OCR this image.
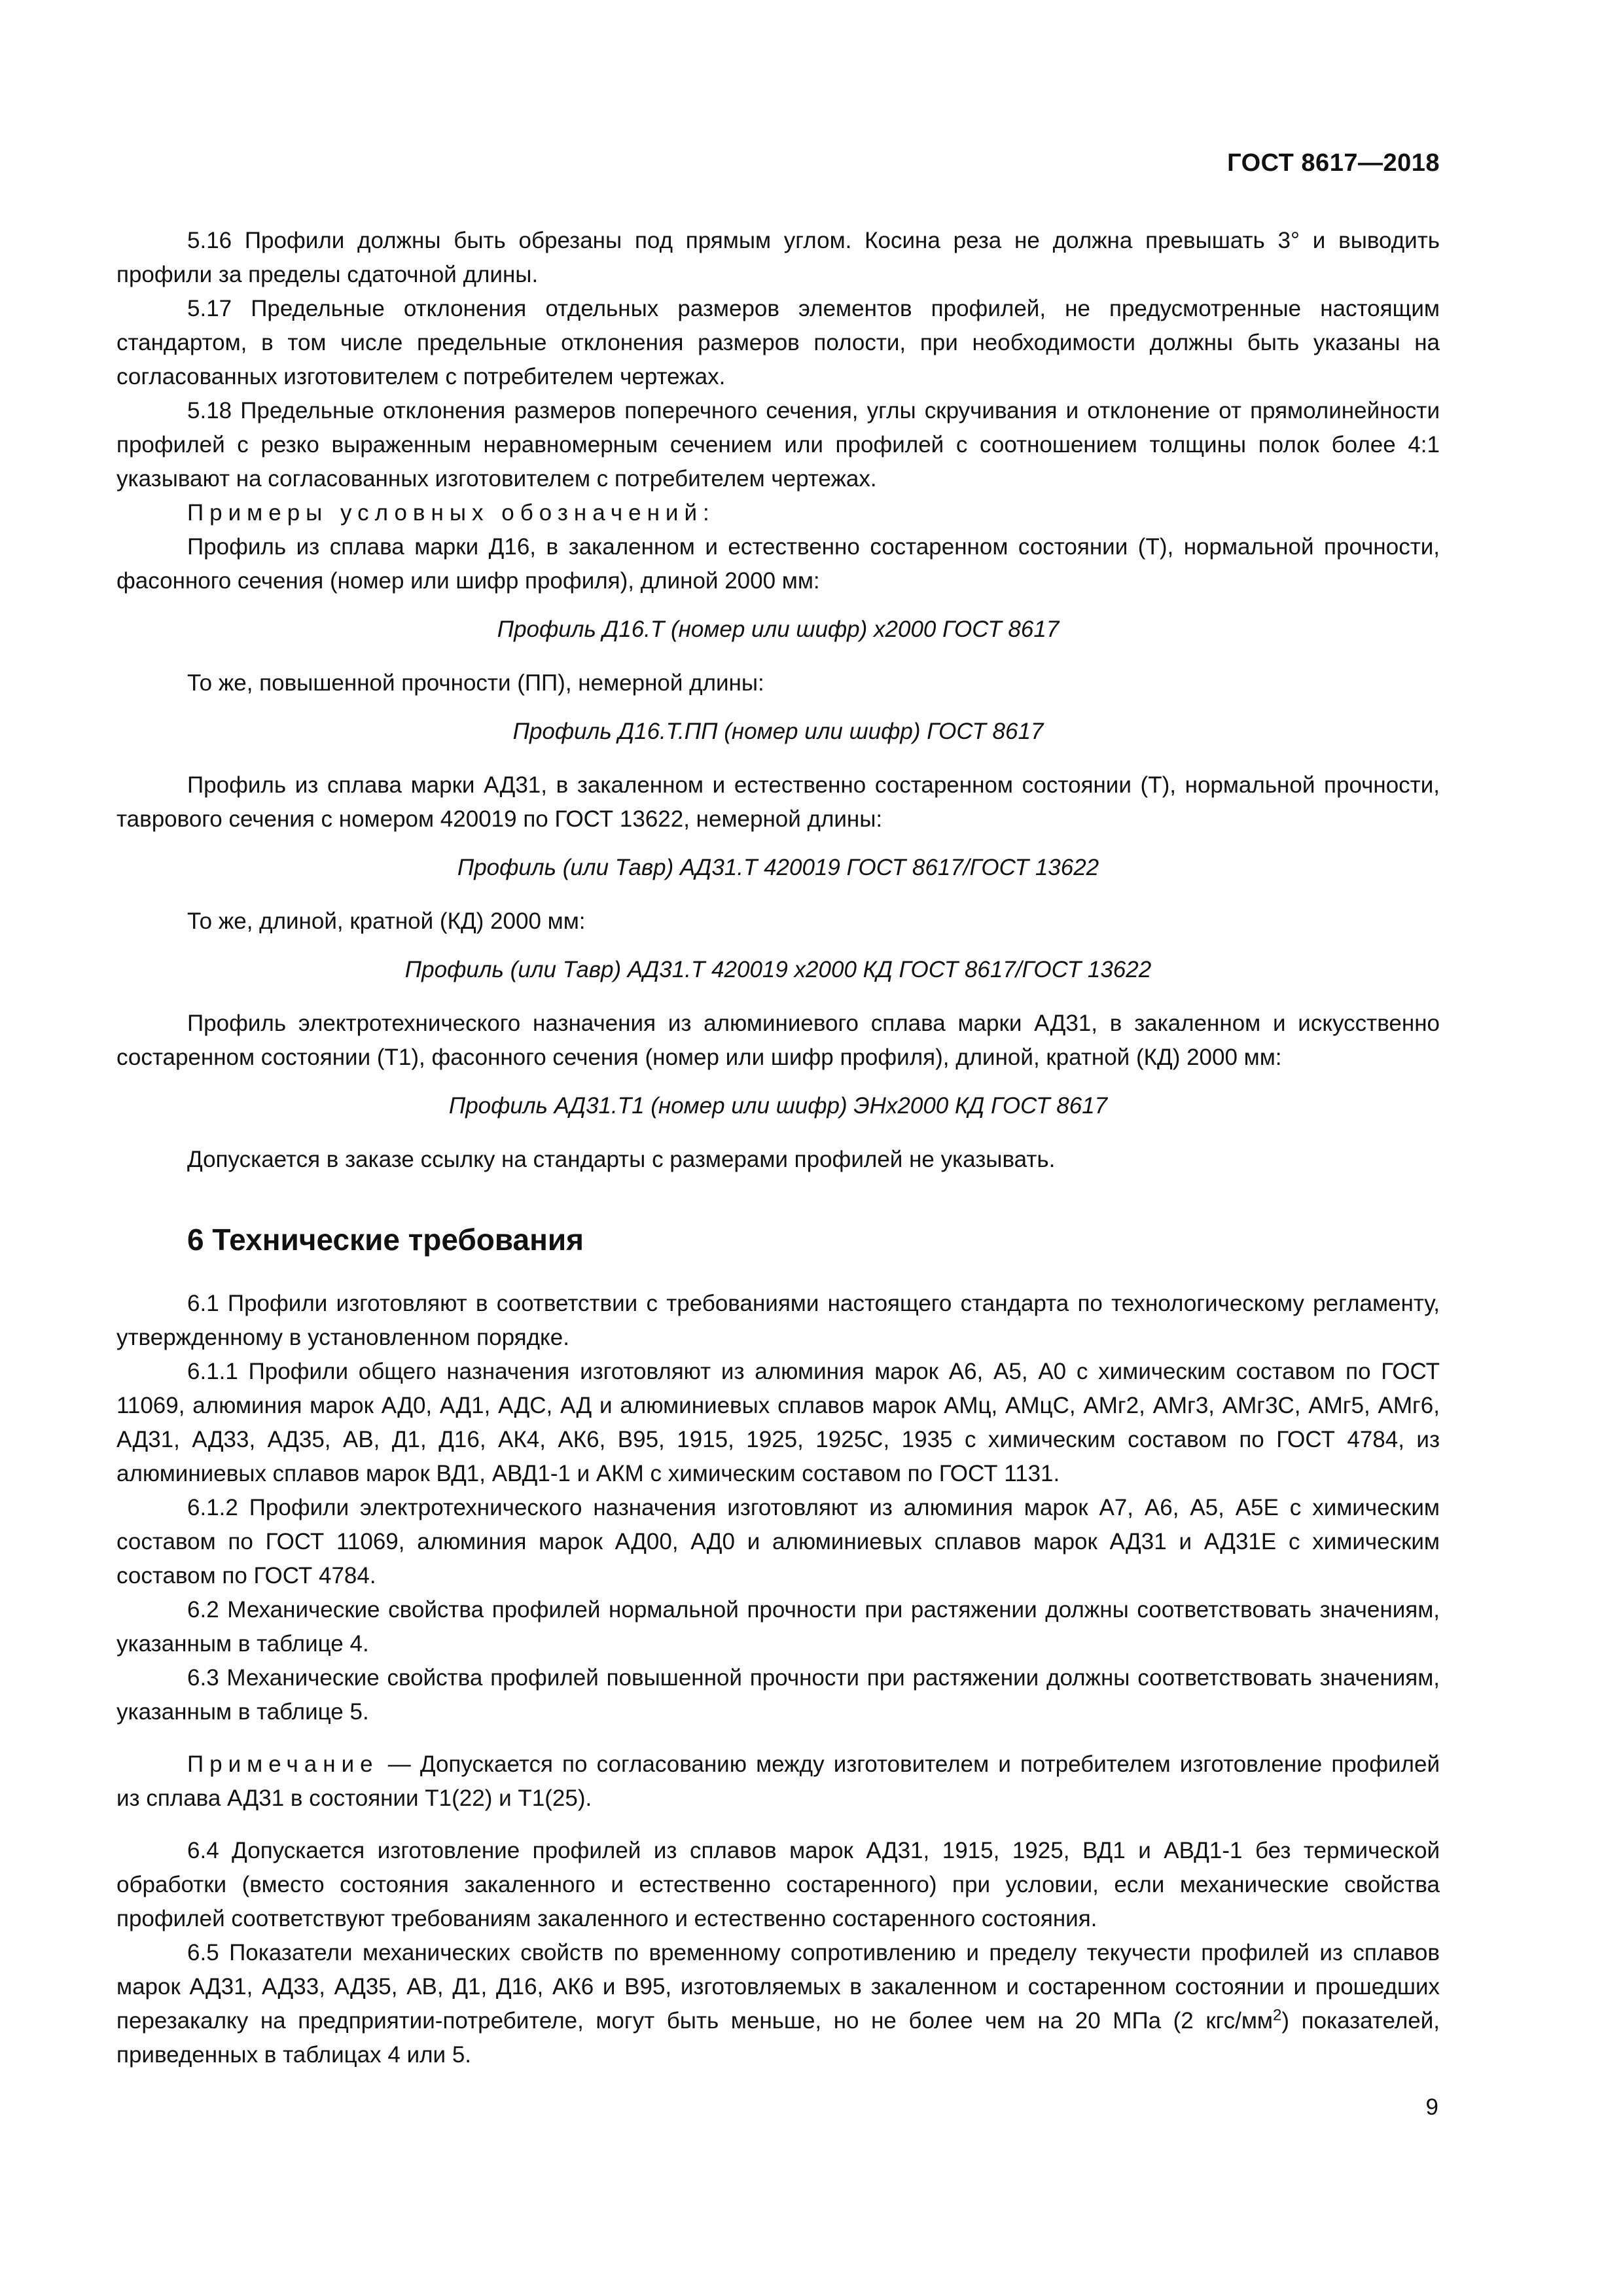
ГОСТ 8617—2018

5.16 Профили должны быть обрезаны под прямым углом. Косина реза не должна превышать 3° и выводить профили за пределы сдаточной длины.

5.17 Предельные отклонения отдельных размеров элементов профилей, не предусмотренные настоящим стандартом, в том числе предельные отклонения размеров полости, при необходимости должны быть указаны на согласованных изготовителем с потребителем чертежах.

5.18 Предельные отклонения размеров поперечного сечения, углы скручивания и отклонение от прямолинейности профилей с резко выраженным неравномерным сечением или профилей с соотношением толщины полок более 4:1 указывают на согласованных изготовителем с потребителем чертежах.

Примеры условных обозначений:

Профиль из сплава марки Д16, в закаленном и естественно состаренном состоянии (Т), нормальной прочности, фасонного сечения (номер или шифр профиля), длиной 2000 мм:

Профиль Д16.Т (номер или шифр) х2000 ГОСТ 8617

То же, повышенной прочности (ПП), немерной длины:

Профиль Д16.Т.ПП (номер или шифр) ГОСТ 8617

Профиль из сплава марки АД31, в закаленном и естественно состаренном состоянии (Т), нормальной прочности, таврового сечения с номером 420019 по ГОСТ 13622, немерной длины:

Профиль (или Тавр) АД31.Т 420019 ГОСТ 8617/ГОСТ 13622

То же, длиной, кратной (КД) 2000 мм:

Профиль (или Тавр) АД31.Т 420019 х2000 КД ГОСТ 8617/ГОСТ 13622

Профиль электротехнического назначения из алюминиевого сплава марки АД31, в закаленном и искусственно состаренном состоянии (Т1), фасонного сечения (номер или шифр профиля), длиной, кратной (КД) 2000 мм:

Профиль АД31.Т1 (номер или шифр) ЭНх2000 КД ГОСТ 8617

Допускается в заказе ссылку на стандарты с размерами профилей не указывать.

6 Технические требования

6.1 Профили изготовляют в соответствии с требованиями настоящего стандарта по технологическому регламенту, утвержденному в установленном порядке.

6.1.1 Профили общего назначения изготовляют из алюминия марок А6, А5, А0 с химическим составом по ГОСТ 11069, алюминия марок АД0, АД1, АДС, АД и алюминиевых сплавов марок АМц, АМцС, АМг2, АМг3, АМг3С, АМг5, АМг6, АД31, АД33, АД35, АВ, Д1, Д16, АК4, АК6, В95, 1915, 1925, 1925С, 1935 с химическим составом по ГОСТ 4784, из алюминиевых сплавов марок ВД1, АВД1-1 и АКМ с химическим составом по ГОСТ 1131.

6.1.2 Профили электротехнического назначения изготовляют из алюминия марок А7, А6, А5, А5Е с химическим составом по ГОСТ 11069, алюминия марок АД00, АД0 и алюминиевых сплавов марок АД31 и АД31Е с химическим составом по ГОСТ 4784.

6.2 Механические свойства профилей нормальной прочности при растяжении должны соответствовать значениям, указанным в таблице 4.

6.3 Механические свойства профилей повышенной прочности при растяжении должны соответствовать значениям, указанным в таблице 5.

Примечание — Допускается по согласованию между изготовителем и потребителем изготовление профилей из сплава АД31 в состоянии Т1(22) и Т1(25).

6.4 Допускается изготовление профилей из сплавов марок АД31, 1915, 1925, ВД1 и АВД1-1 без термической обработки (вместо состояния закаленного и естественно состаренного) при условии, если механические свойства профилей соответствуют требованиям закаленного и естественно состаренного состояния.

6.5 Показатели механических свойств по временному сопротивлению и пределу текучести профилей из сплавов марок АД31, АД33, АД35, АВ, Д1, Д16, АК6 и В95, изготовляемых в закаленном и состаренном состоянии и прошедших перезакалку на предприятии-потребителе, могут быть меньше, но не более чем на 20 МПа (2 кгс/$мм^2$) показателей, приведенных в таблицах 4 или 5.

9
